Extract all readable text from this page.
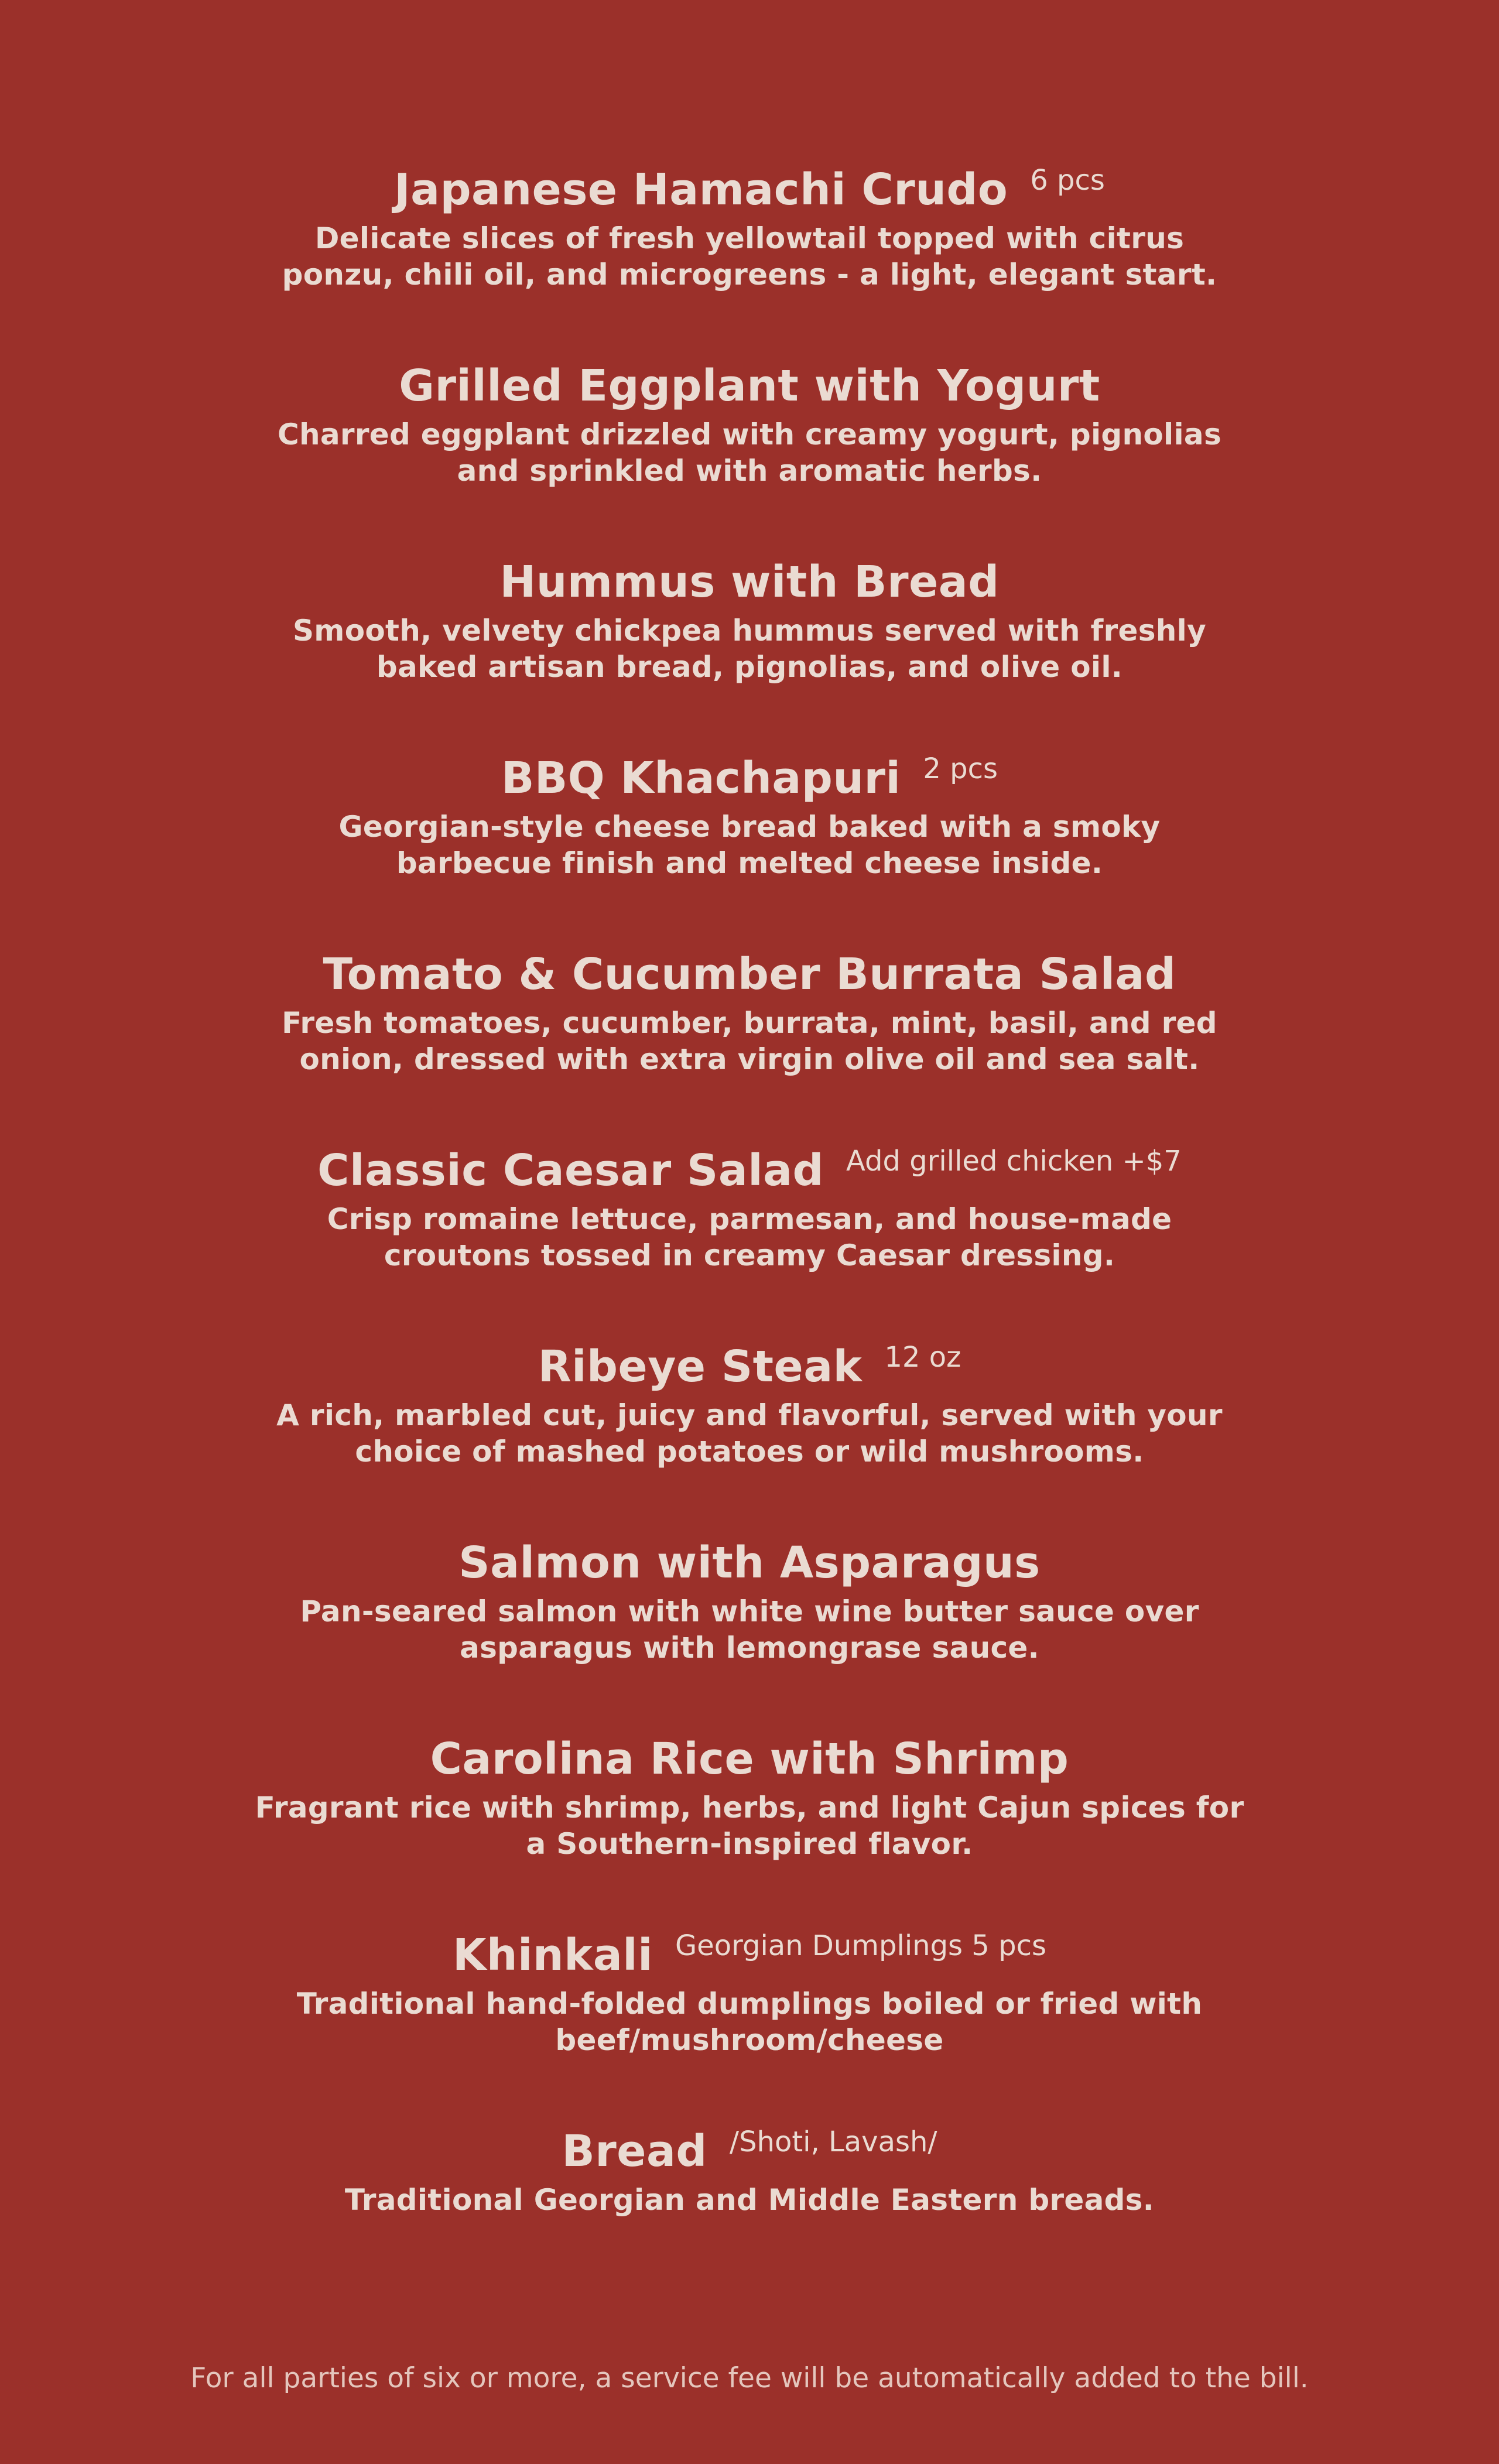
Japanese Hamachi Crudo 6 pcs
Delicate slices of fresh yellowtail topped with citrus
ponzu, chili oil, and microgreens - a light, elegant start.
Grilled Eggplant with Yogurt
Charred eggplant drizzled with creamy yogurt, pignolias
and sprinkled with aromatic herbs.
Hummus with Bread
Smooth, velvety chickpea hummus served with freshly
baked artisan bread, pignolias, and olive oil.
BBQ Khachapuri 2 pcs
Georgian-style cheese bread baked with a smoky
barbecue finish and melted cheese inside.
Tomato & Cucumber Burrata Salad
Fresh tomatoes, cucumber, burrata, mint, basil, and red
onion, dressed with extra virgin olive oil and sea salt.
Classic Caesar Salad Add grilled chicken +$7
Crisp romaine lettuce, parmesan, and house-made
croutons tossed in creamy Caesar dressing.
Ribeye Steak 12 oz
A rich, marbled cut, juicy and flavorful, served with your
choice of mashed potatoes or wild mushrooms.
Salmon with Asparagus
Pan-seared salmon with white wine butter sauce over
asparagus with lemongrase sauce.
Carolina Rice with Shrimp
Fragrant rice with shrimp, herbs, and light Cajun spices for
a Southern-inspired flavor.
Khinkali Georgian Dumplings 5 pcs
Traditional hand-folded dumplings boiled or fried with
beef/mushroom/cheese
Bread /Shoti, Lavash/
Traditional Georgian and Middle Eastern breads.
For all parties of six or more, a service fee will be automatically added to the bill.
